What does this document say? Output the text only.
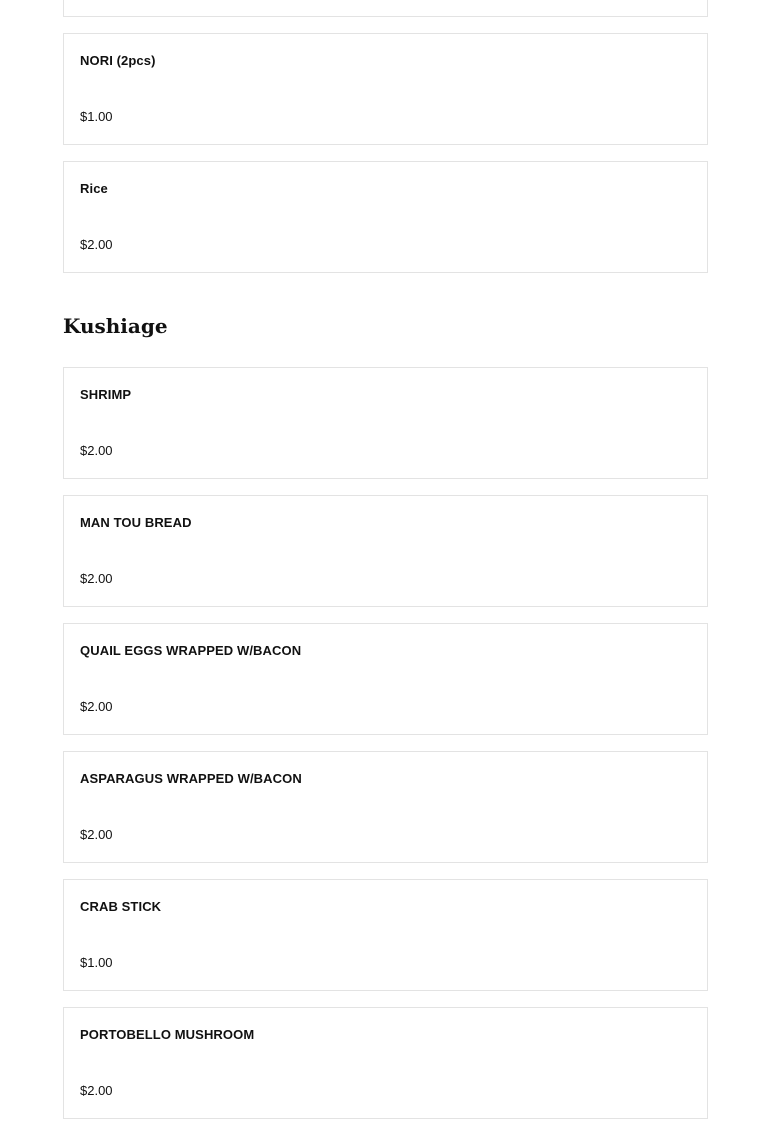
NORI (2pcs)
$1.00
Rice
$2.00
Kushiage
SHRIMP
$2.00
MAN TOU BREAD
$2.00
QUAIL EGGS WRAPPED W/BACON
$2.00
ASPARAGUS WRAPPED W/BACON
$2.00
CRAB STICK
$1.00
PORTOBELLO MUSHROOM
$2.00
